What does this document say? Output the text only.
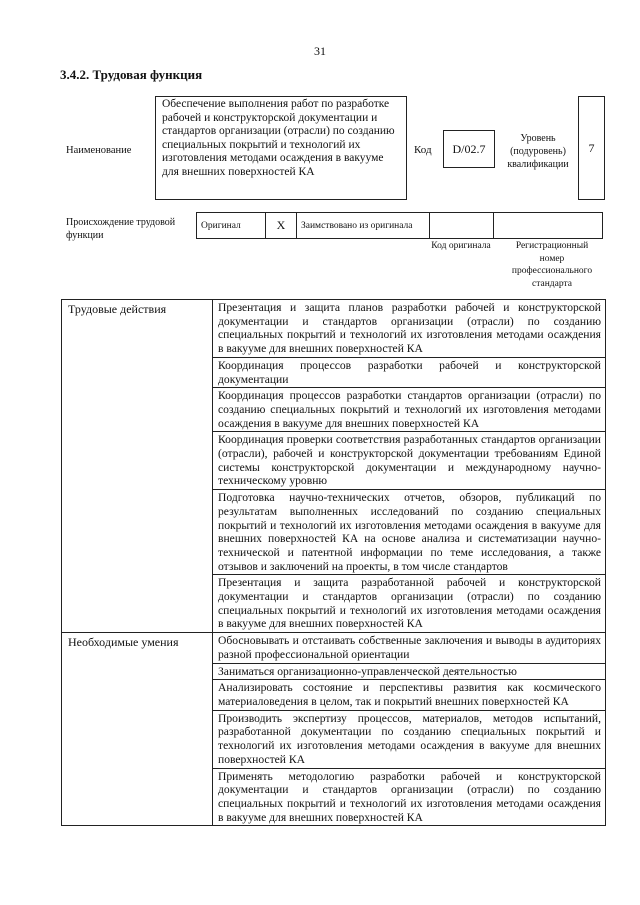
31
3.4.2. Трудовая функция
Наименование
Обеспечение выполнения работ по разработке рабочей и конструкторской документации и стандартов организации (отрасли) по созданию специальных покрытий и технологий их изготовления методами осаждения в вакууме для внешних поверхностей КА
Код	D/02.7
Уровень (подуровень) квалификации
7
Происхождение трудовой функции
Оригинал	X	Заимствовано из оригинала		
Код оригинала	Регистрационный номер профессионального стандарта
Трудовые действия	Презентация и защита планов разработки рабочей и конструкторской документации и стандартов организации (отрасли) по созданию специальных покрытий и технологий их изготовления методами осаждения в вакууме для внешних поверхностей КА
	Координация процессов разработки рабочей и конструкторской документации
	Координация процессов разработки стандартов организации (отрасли) по созданию специальных покрытий и технологий их изготовления методами осаждения в вакууме для внешних поверхностей КА
	Координация проверки соответствия разработанных стандартов организации (отрасли), рабочей и конструкторской документации требованиям Единой системы конструкторской документации и международному научно-техническому уровню
	Подготовка научно-технических отчетов, обзоров, публикаций по результатам выполненных исследований по созданию специальных покрытий и технологий их изготовления методами осаждения в вакууме для внешних поверхностей КА на основе анализа и систематизации научно-технической и патентной информации по теме исследования, а также отзывов и заключений на проекты, в том числе стандартов
	Презентация и защита разработанной рабочей и конструкторской документации и стандартов организации (отрасли) по созданию специальных покрытий и технологий их изготовления методами осаждения в вакууме для внешних поверхностей КА
Необходимые умения	Обосновывать и отстаивать собственные заключения и выводы в аудиториях разной профессиональной ориентации
	Заниматься организационно-управленческой деятельностью
	Анализировать состояние и перспективы развития как космического материаловедения в целом, так и покрытий внешних поверхностей КА
	Производить экспертизу процессов, материалов, методов испытаний, разработанной документации по созданию специальных покрытий и технологий их изготовления методами осаждения в вакууме для внешних поверхностей КА
	Применять методологию разработки рабочей и конструкторской документации и стандартов организации (отрасли) по созданию специальных покрытий и технологий их изготовления методами осаждения в вакууме для внешних поверхностей КА
